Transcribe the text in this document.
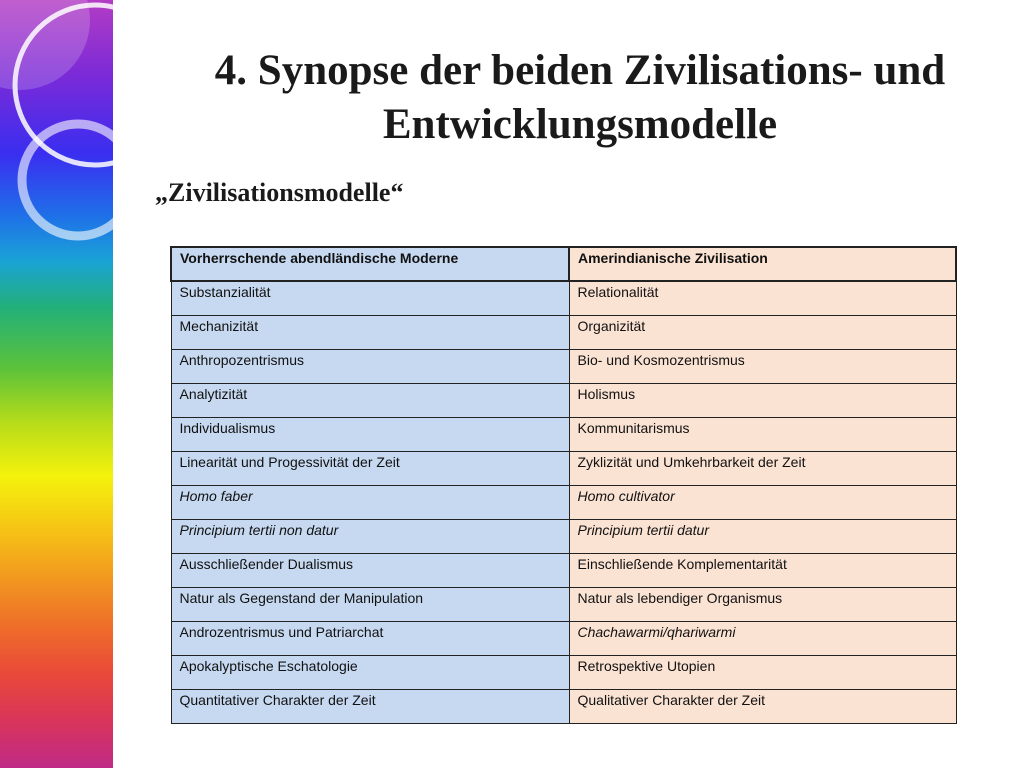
4. Synopse der beiden Zivilisations- und
Entwicklungsmodelle
„Zivilisationsmodelle“
Vorherrschende abendländische Moderne	Amerindianische Zivilisation
Substanzialität	Relationalität
Mechanizität	Organizität
Anthropozentrismus	Bio- und Kosmozentrismus
Analytizität	Holismus
Individualismus	Kommunitarismus
Linearität und Progessivität der Zeit	Zyklizität und Umkehrbarkeit der Zeit
Homo faber	Homo cultivator
Principium tertii non datur	Principium tertii datur
Ausschließender Dualismus	Einschließende Komplementarität
Natur als Gegenstand der Manipulation	Natur als lebendiger Organismus
Androzentrismus und Patriarchat	Chachawarmi/qhariwarmi
Apokalyptische Eschatologie	Retrospektive Utopien
Quantitativer Charakter der Zeit	Qualitativer Charakter der Zeit
